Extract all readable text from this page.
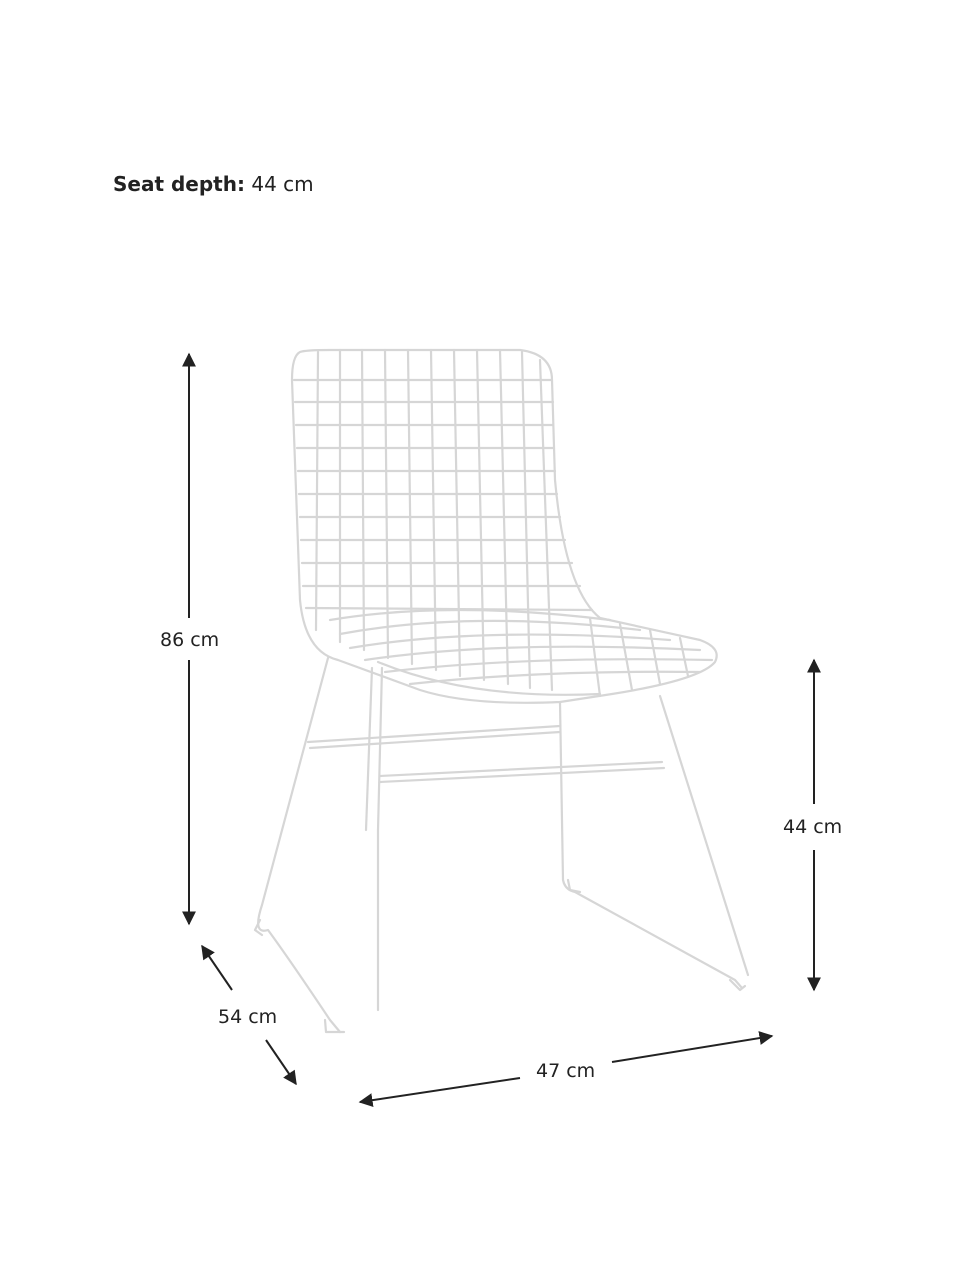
Seat depth: 44 cm
86 cm
44 cm
54 cm
47 cm
